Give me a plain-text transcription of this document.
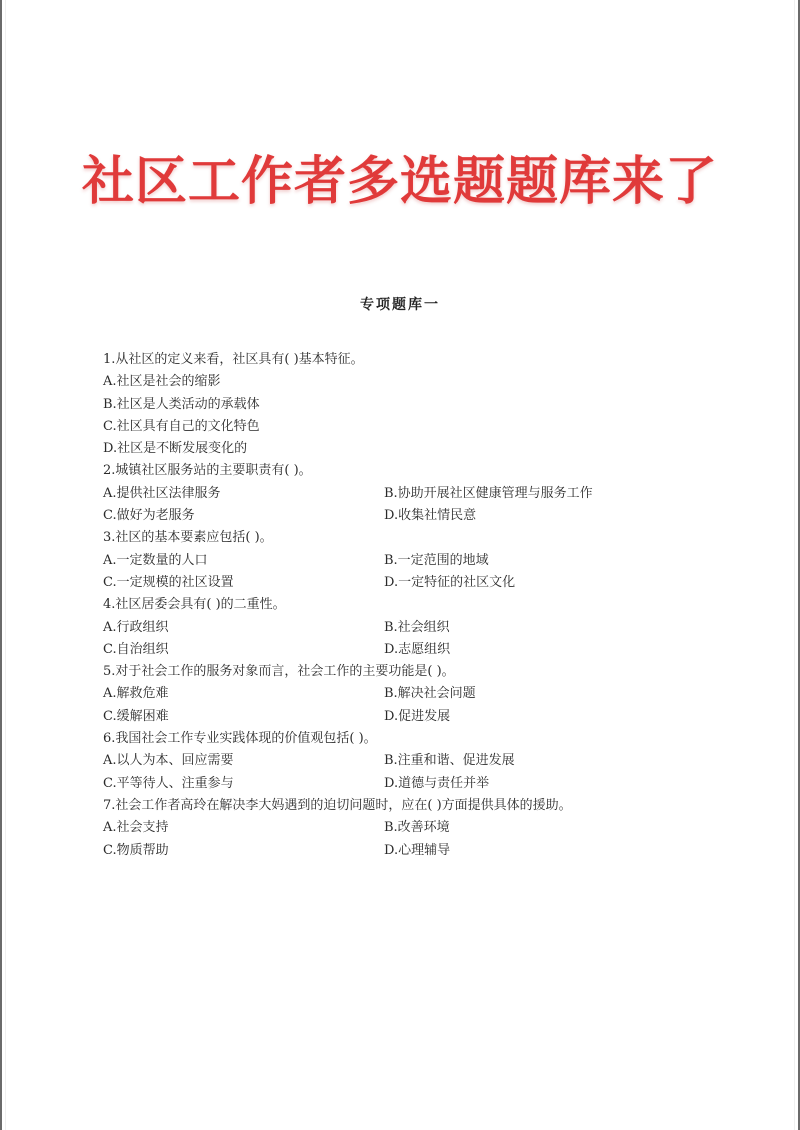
社区工作者多选题题库来了
专项题库一
1.从社区的定义来看，社区具有( )基本特征。
A.社区是社会的缩影
B.社区是人类活动的承载体
C.社区具有自己的文化特色
D.社区是不断发展变化的
2.城镇社区服务站的主要职责有( )。
A.提供社区法律服务	B.协助开展社区健康管理与服务工作
C.做好为老服务	D.收集社情民意
3.社区的基本要素应包括( )。
A.一定数量的人口	B.一定范围的地域
C.一定规模的社区设置	D.一定特征的社区文化
4.社区居委会具有( )的二重性。
A.行政组织	B.社会组织
C.自治组织	D.志愿组织
5.对于社会工作的服务对象而言，社会工作的主要功能是( )。
A.解救危难	B.解决社会问题
C.缓解困难	D.促进发展
6.我国社会工作专业实践体现的价值观包括( )。
A.以人为本、回应需要	B.注重和谐、促进发展
C.平等待人、注重参与	D.道德与责任并举
7.社会工作者高玲在解决李大妈遇到的迫切问题时，应在( )方面提供具体的援助。
A.社会支持	B.改善环境
C.物质帮助	D.心理辅导
